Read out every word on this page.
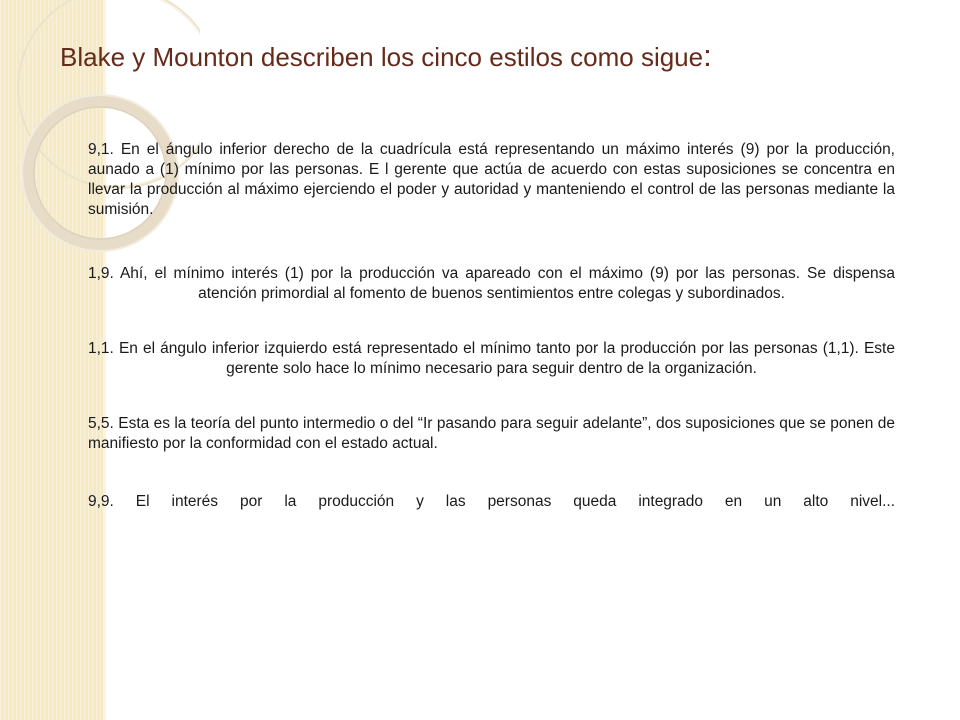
Blake y Mounton describen los cinco estilos como sigue:

9,1. En el ángulo inferior derecho de la cuadrícula está representando un máximo interés (9) por la producción, aunado a (1) mínimo por las personas. E l gerente que actúa de acuerdo con estas suposiciones se concentra en llevar la producción al máximo ejerciendo el poder y autoridad y manteniendo el control de las personas mediante la sumisión.

1,9. Ahí, el mínimo interés (1) por la producción va apareado con el máximo (9) por las personas. Se dispensa atención primordial al fomento de buenos sentimientos entre colegas y subordinados.

1,1. En el ángulo inferior izquierdo está representado el mínimo tanto por la producción por las personas (1,1). Este gerente solo hace lo mínimo necesario para seguir dentro de la organización.

5,5. Esta es la teoría del punto intermedio o del “Ir pasando para seguir adelante”, dos suposiciones que se ponen de manifiesto por la conformidad con el estado actual.

9,9. El interés por la producción y las personas queda integrado en un alto nivel...
